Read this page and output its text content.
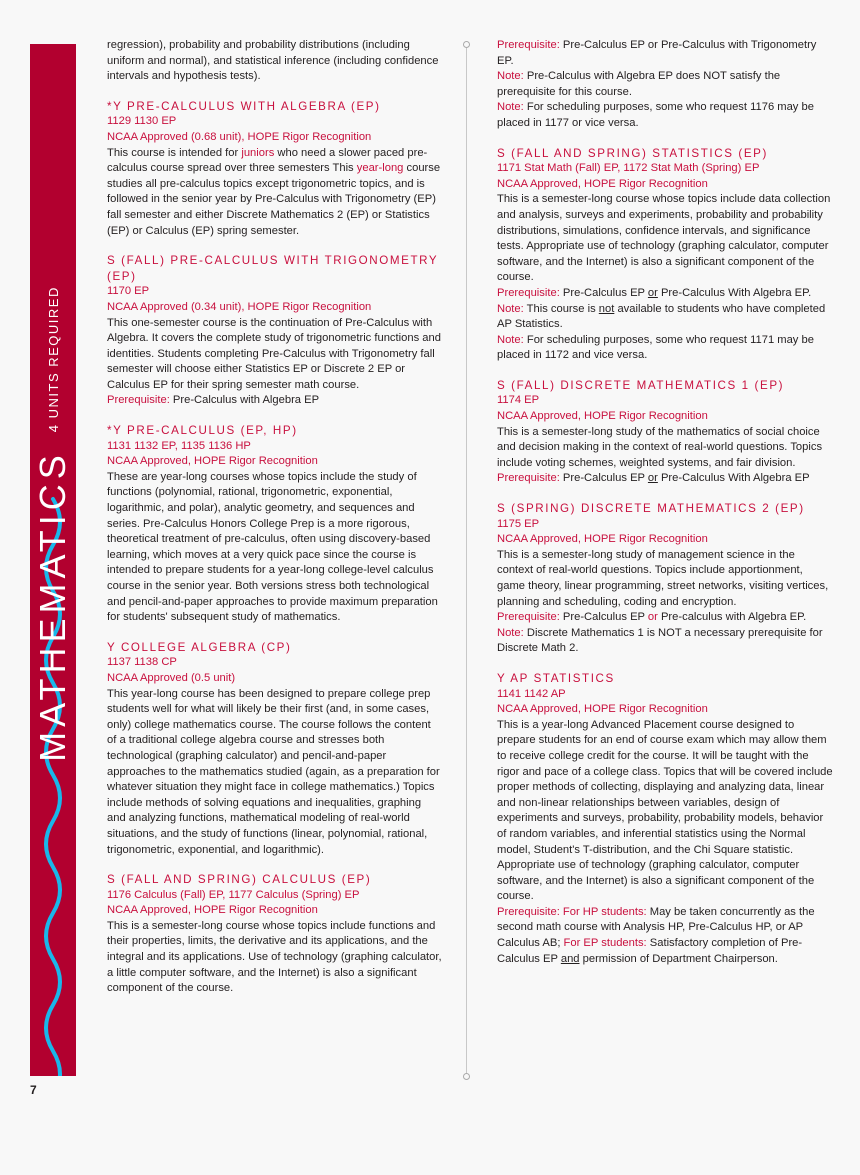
MATHEMATICS4 UNITS REQUIRED
7

regression), probability and probability distributions (including uniform and normal), and statistical inference (including confidence intervals and hypothesis tests).

*Y PRE-CALCULUS WITH ALGEBRA (EP)
1129 1130 EP
NCAA Approved (0.68 unit), HOPE Rigor Recognition

This course is intended for juniors who need a slower paced pre-calculus course spread over three semesters This year-long course studies all pre-calculus topics except trigonometric topics, and is followed in the senior year by Pre-Calculus with Trigonometry (EP) fall semester and either Discrete Mathematics 2 (EP) or Statistics (EP) or Calculus (EP) spring semester.

S (FALL) PRE-CALCULUS WITH TRIGONOMETRY (EP)
1170 EP
NCAA Approved (0.34 unit), HOPE Rigor Recognition

This one-semester course is the continuation of Pre-Calculus with Algebra. It covers the complete study of trigonometric functions and identities. Students completing Pre-Calculus with Trigonometry fall semester will choose either Statistics EP or Discrete 2 EP or Calculus EP for their spring semester math course.

Prerequisite: Pre-Calculus with Algebra EP

*Y PRE-CALCULUS (EP, HP)
1131 1132 EP, 1135 1136 HP
NCAA Approved, HOPE Rigor Recognition

These are year-long courses whose topics include the study of functions (polynomial, rational, trigonometric, exponential, logarithmic, and polar), analytic geometry, and sequences and series. Pre-Calculus Honors College Prep is a more rigorous, theoretical treatment of pre-calculus, often using discovery-based learning, which moves at a very quick pace since the course is intended to prepare students for a year-long college-level calculus course in the senior year. Both versions stress both technological and pencil-and-paper approaches to provide maximum preparation for students' subsequent study of mathematics.

Y COLLEGE ALGEBRA (CP)
1137 1138 CP
NCAA Approved (0.5 unit)

This year-long course has been designed to prepare college prep students well for what will likely be their first (and, in some cases, only) college mathematics course. The course follows the content of a traditional college algebra course and stresses both technological (graphing calculator) and pencil-and-paper approaches to the mathematics studied (again, as a preparation for whatever situation they might face in college mathematics.) Topics include methods of solving equations and inequalities, graphing and analyzing functions, mathematical modeling of real-world situations, and the study of functions (linear, polynomial, rational, trigonometric, exponential, and logarithmic).

S (FALL AND SPRING) CALCULUS (EP)
1176 Calculus (Fall) EP, 1177 Calculus (Spring) EP
NCAA Approved, HOPE Rigor Recognition

This is a semester-long course whose topics include functions and their properties, limits, the derivative and its applications, and the integral and its applications. Use of technology (graphing calculator, a little computer software, and the Internet) is also a significant component of the course.

Prerequisite: Pre-Calculus EP or Pre-Calculus with Trigonometry EP.

Note: Pre-Calculus with Algebra EP does NOT satisfy the prerequisite for this course.

Note: For scheduling purposes, some who request 1176 may be placed in 1177 or vice versa.

S (FALL AND SPRING) STATISTICS (EP)
1171 Stat Math (Fall) EP, 1172 Stat Math (Spring) EP
NCAA Approved, HOPE Rigor Recognition

This is a semester-long course whose topics include data collection and analysis, surveys and experiments, probability and probability distributions, simulations, confidence intervals, and significance tests. Appropriate use of technology (graphing calculator, computer software, and the Internet) is also a significant component of the course.

Prerequisite: Pre-Calculus EP or Pre-Calculus With Algebra EP.

Note: This course is not available to students who have completed AP Statistics.

Note: For scheduling purposes, some who request 1171 may be placed in 1172 and vice versa.

S (FALL) DISCRETE MATHEMATICS 1 (EP)
1174 EP
NCAA Approved, HOPE Rigor Recognition

This is a semester-long study of the mathematics of social choice and decision making in the context of real-world questions. Topics include voting schemes, weighted systems, and fair division.

Prerequisite: Pre-Calculus EP or Pre-Calculus With Algebra EP

S (SPRING) DISCRETE MATHEMATICS 2 (EP)
1175 EP
NCAA Approved, HOPE Rigor Recognition

This is a semester-long study of management science in the context of real-world questions. Topics include apportionment, game theory, linear programming, street networks, visiting vertices, planning and scheduling, coding and encryption.

Prerequisite: Pre-Calculus EP or Pre-calculus with Algebra EP.

Note: Discrete Mathematics 1 is NOT a necessary prerequisite for Discrete Math 2.

Y AP STATISTICS
1141 1142 AP
NCAA Approved, HOPE Rigor Recognition

This is a year-long Advanced Placement course designed to prepare students for an end of course exam which may allow them to receive college credit for the course. It will be taught with the rigor and pace of a college class. Topics that will be covered include proper methods of collecting, displaying and analyzing data, linear and non-linear relationships between variables, design of experiments and surveys, probability, probability models, behavior of random variables, and inferential statistics using the Normal model, Student's T-distribution, and the Chi Square statistic. Appropriate use of technology (graphing calculator, computer software, and the Internet) is also a significant component of the course.

Prerequisite: For HP students: May be taken concurrently as the second math course with Analysis HP, Pre-Calculus HP, or AP Calculus AB; For EP students: Satisfactory completion of Pre-Calculus EP and permission of Department Chairperson.
